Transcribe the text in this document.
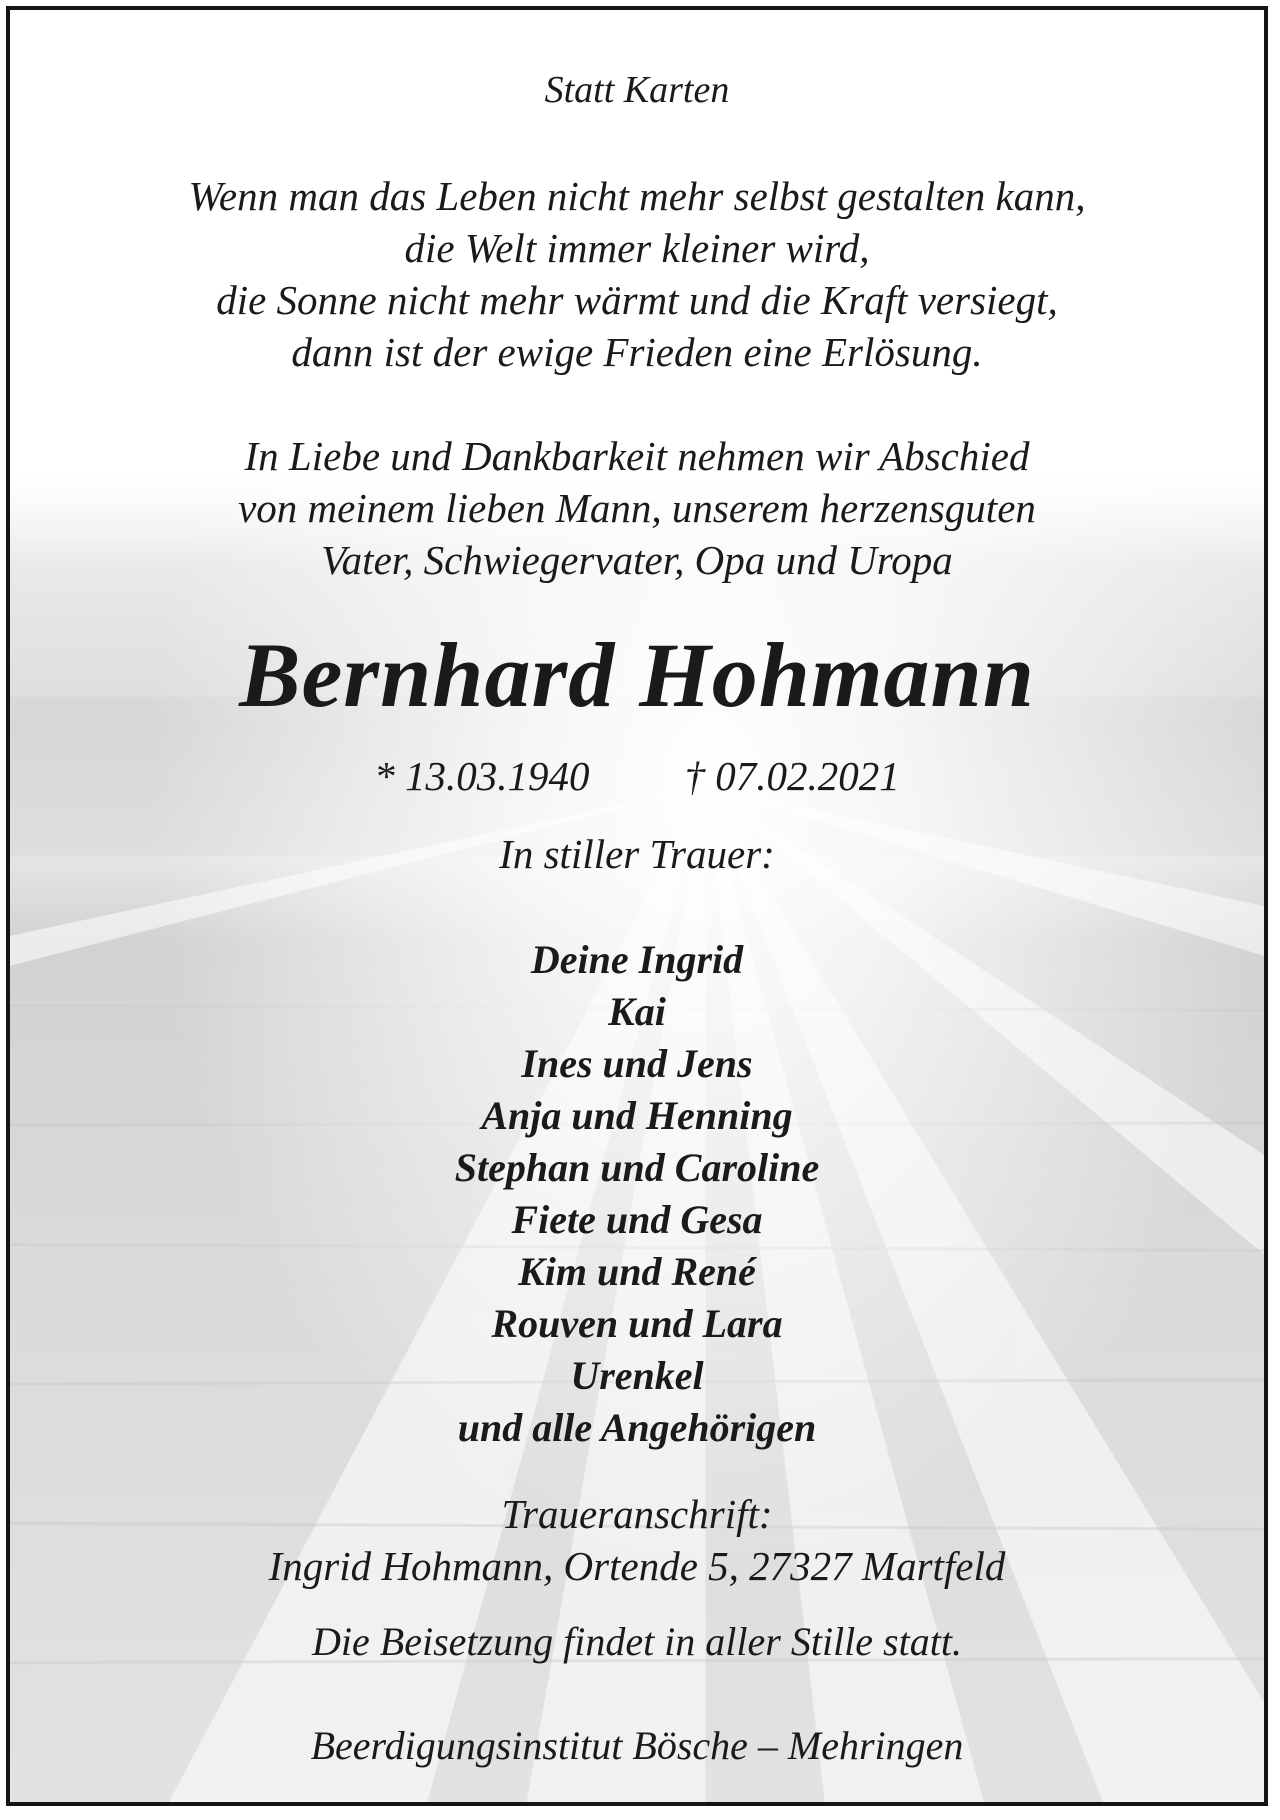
Statt Karten
Wenn man das Leben nicht mehr selbst gestalten kann,
die Welt immer kleiner wird,
die Sonne nicht mehr wärmt und die Kraft versiegt,
dann ist der ewige Frieden eine Erlösung.
In Liebe und Dankbarkeit nehmen wir Abschied
von meinem lieben Mann, unserem herzensguten
Vater, Schwiegervater, Opa und Uropa
Bernhard Hohmann
* 13.03.1940 † 07.02.2021
In stiller Trauer:
Deine Ingrid
Kai
Ines und Jens
Anja und Henning
Stephan und Caroline
Fiete und Gesa
Kim und René
Rouven und Lara
Urenkel
und alle Angehörigen
Traueranschrift:
Ingrid Hohmann, Ortende 5, 27327 Martfeld
Die Beisetzung findet in aller Stille statt.
Beerdigungsinstitut Bösche – Mehringen
